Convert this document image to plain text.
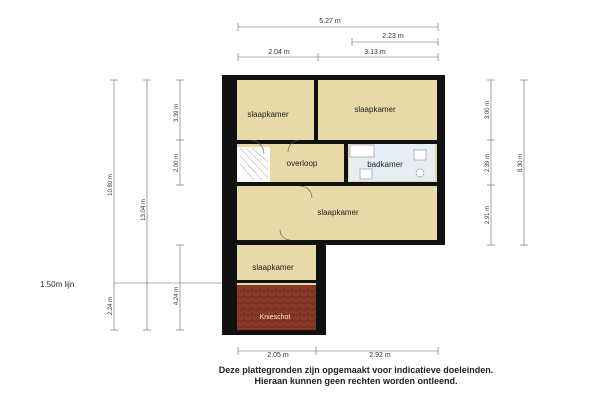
5.27 m
2.23 m
2.04 m	3.13 m
slaapkamer
slaapkamer
overloop	badkamer
slaapkamer
slaapkamer
Knieschot
10.80 m
13.04 m
3.39 m
2.00 m
4.24 m
2.24 m
1.50m lijn
3.00 m
2.39 m
2.91 m
8.30 m
2.05 m	2.92 m
Deze plattegronden zijn opgemaakt voor indicatieve doeleinden.
Hieraan kunnen geen rechten worden ontleend.
